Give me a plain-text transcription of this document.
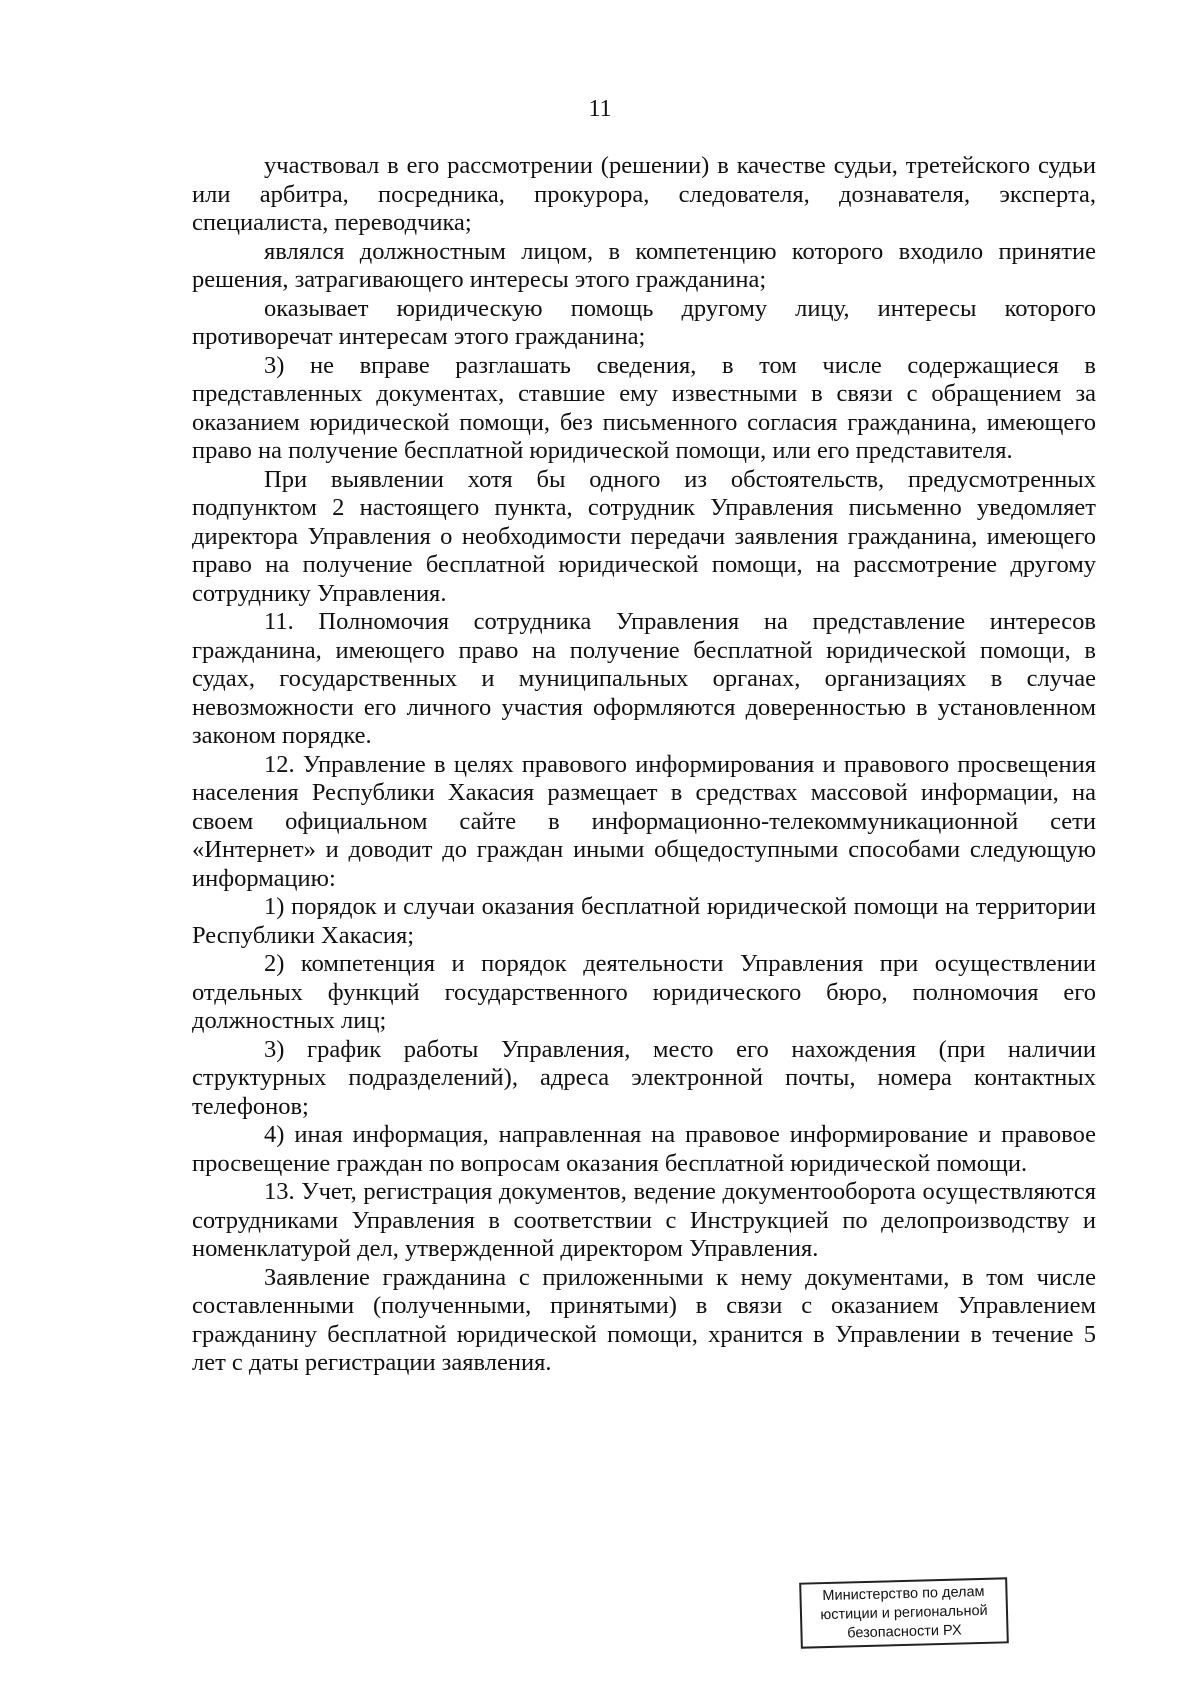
11

участвовал в его рассмотрении (решении) в качестве судьи, третейского судьи или арбитра, посредника, прокурора, следователя, дознавателя, эксперта, специалиста, переводчика;

являлся должностным лицом, в компетенцию которого входило принятие решения, затрагивающего интересы этого гражданина;

оказывает юридическую помощь другому лицу, интересы которого противоречат интересам этого гражданина;

3) не вправе разглашать сведения, в том числе содержащиеся в представленных документах, ставшие ему известными в связи с обращением за оказанием юридической помощи, без письменного согласия гражданина, имеющего право на получение бесплатной юридической помощи, или его представителя.

При выявлении хотя бы одного из обстоятельств, предусмотренных подпунктом 2 настоящего пункта, сотрудник Управления письменно уведомляет директора Управления о необходимости передачи заявления гражданина, имеющего право на получение бесплатной юридической помощи, на рассмотрение другому сотруднику Управления.

11. Полномочия сотрудника Управления на представление интересов гражданина, имеющего право на получение бесплатной юридической помощи, в судах, государственных и муниципальных органах, организациях в случае невозможности его личного участия оформляются доверенностью в установленном законом порядке.

12. Управление в целях правового информирования и правового просвещения населения Республики Хакасия размещает в средствах массовой информации, на своем официальном сайте в информационно-телекоммуникационной сети «Интернет» и доводит до граждан иными общедоступными способами следующую информацию:

1) порядок и случаи оказания бесплатной юридической помощи на территории Республики Хакасия;

2) компетенция и порядок деятельности Управления при осуществлении отдельных функций государственного юридического бюро, полномочия его должностных лиц;

3) график работы Управления, место его нахождения (при наличии структурных подразделений), адреса электронной почты, номера контактных телефонов;

4) иная информация, направленная на правовое информирование и правовое просвещение граждан по вопросам оказания бесплатной юридической помощи.

13. Учет, регистрация документов, ведение документооборота осуществляются сотрудниками Управления в соответствии с Инструкцией по делопроизводству и номенклатурой дел, утвержденной директором Управления.

Заявление гражданина с приложенными к нему документами, в том числе составленными (полученными, принятыми) в связи с оказанием Управлением гражданину бесплатной юридической помощи, хранится в Управлении в течение 5 лет с даты регистрации заявления.

Министерство по делам
юстиции и региональной
безопасности РХ
